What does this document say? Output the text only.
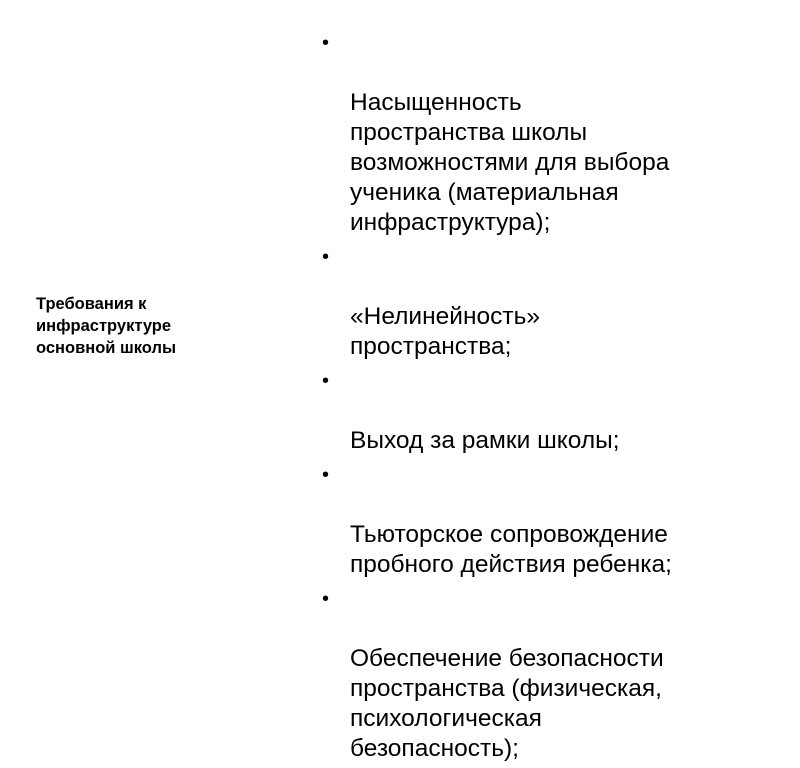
Требования к
инфраструктуре
основной школы

•

Насыщенность
пространства школы
возможностями для выбора
ученика (материальная
инфраструктура);

•

«Нелинейность»
пространства;

•

Выход за рамки школы;

•

Тьюторское сопровождение
пробного действия ребенка;

•

Обеспечение безопасности
пространства (физическая,
психологическая
безопасность);
